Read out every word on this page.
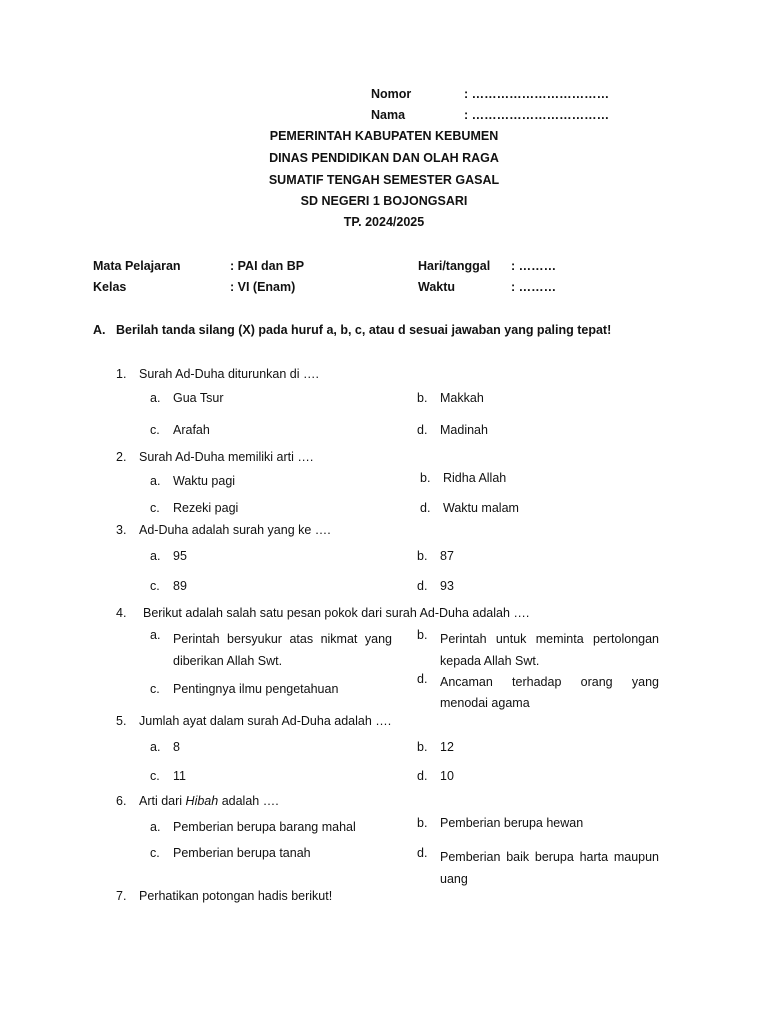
Nomor	: ……………………………
Nama	: ……………………………
PEMERINTAH KABUPATEN KEBUMEN
DINAS PENDIDIKAN DAN OLAH RAGA
SUMATIF TENGAH SEMESTER GASAL
SD NEGERI 1 BOJONGSARI
TP. 2024/2025
Mata Pelajaran	: PAI dan BP	Hari/tanggal : ………
Kelas	: VI (Enam)	Waktu	: ………
A. Berilah tanda silang (X) pada huruf a, b, c, atau d sesuai jawaban yang paling tepat!
1. Surah Ad-Duha diturunkan di ….
a. Gua Tsur	b. Makkah
c. Arafah	d. Madinah
2. Surah Ad-Duha memiliki arti ….
a. Waktu pagi	b. Ridha Allah
c. Rezeki pagi	d. Waktu malam
3. Ad-Duha adalah surah yang ke ….
a. 95	b. 87
c. 89	d. 93
4. Berikut adalah salah satu pesan pokok dari surah Ad-Duha adalah ….
a. Perintah bersyukur atas nikmat yang diberikan Allah Swt.
b. Perintah untuk meminta pertolongan kepada Allah Swt.
c. Pentingnya ilmu pengetahuan
d. Ancaman terhadap orang yang menodai agama
5. Jumlah ayat dalam surah Ad-Duha adalah ….
a. 8	b. 12
c. 11	d. 10
6. Arti dari Hibah adalah ….
a. Pemberian berupa barang mahal	b. Pemberian berupa hewan
c. Pemberian berupa tanah	d. Pemberian baik berupa harta maupun uang
7. Perhatikan potongan hadis berikut!
